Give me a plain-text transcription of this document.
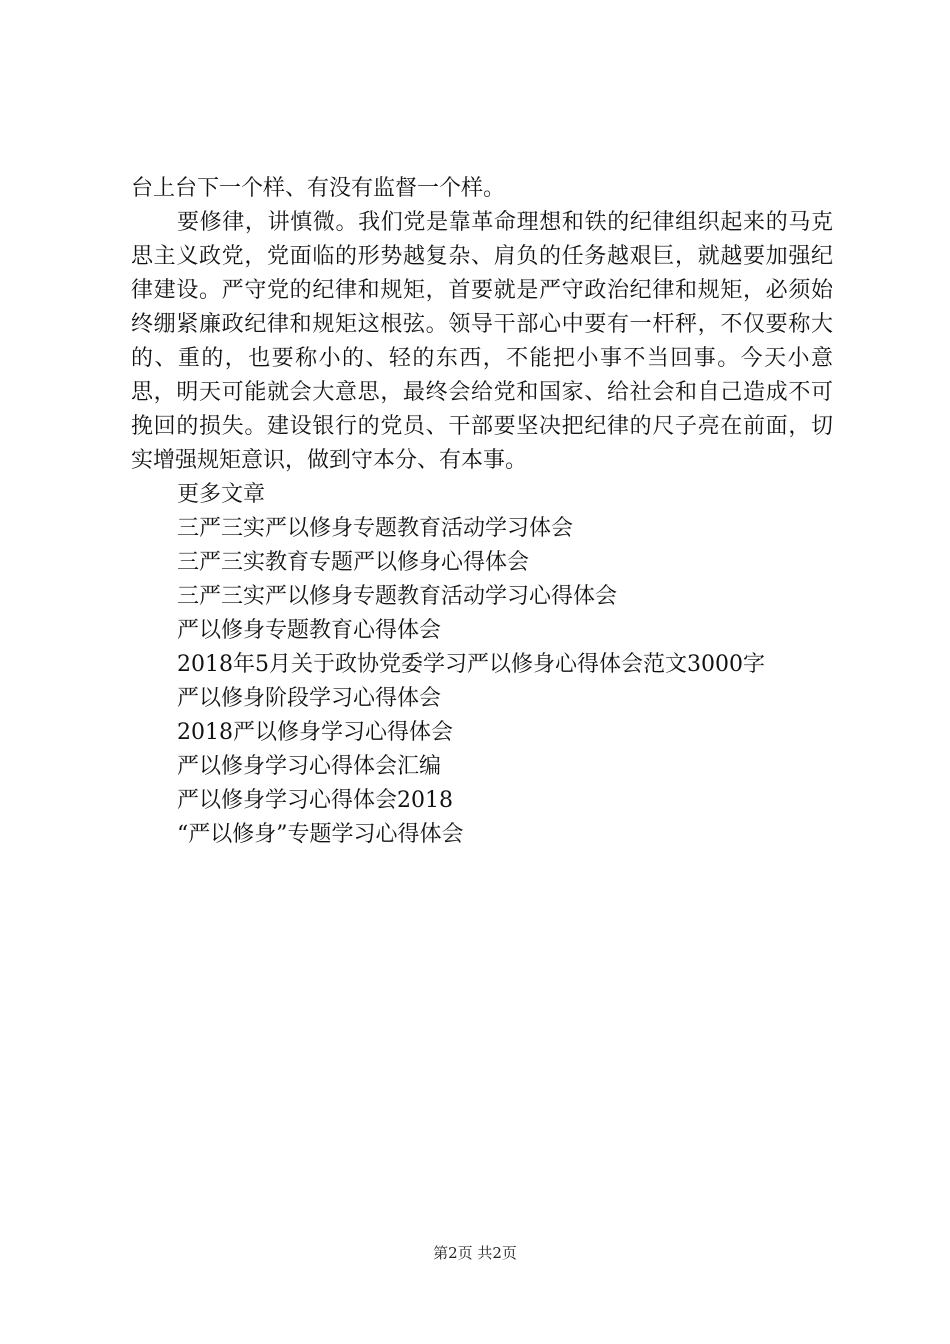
台上台下一个样、有没有监督一个样。

要修律，讲慎微。我们党是靠革命理想和铁的纪律组织起来的马克思主义政党，党面临的形势越复杂、肩负的任务越艰巨，就越要加强纪律建设。严守党的纪律和规矩，首要就是严守政治纪律和规矩，必须始终绷紧廉政纪律和规矩这根弦。领导干部心中要有一杆秤，不仅要称大的、重的，也要称小的、轻的东西，不能把小事不当回事。今天小意思，明天可能就会大意思，最终会给党和国家、给社会和自己造成不可挽回的损失。建设银行的党员、干部要坚决把纪律的尺子亮在前面，切实增强规矩意识，做到守本分、有本事。

更多文章

三严三实严以修身专题教育活动学习体会
三严三实教育专题严以修身心得体会
三严三实严以修身专题教育活动学习心得体会
严以修身专题教育心得体会
2018年5月关于政协党委学习严以修身心得体会范文3000字
严以修身阶段学习心得体会
2018严以修身学习心得体会
严以修身学习心得体会汇编
严以修身学习心得体会2018
“严以修身”专题学习心得体会
第2页 共2页
